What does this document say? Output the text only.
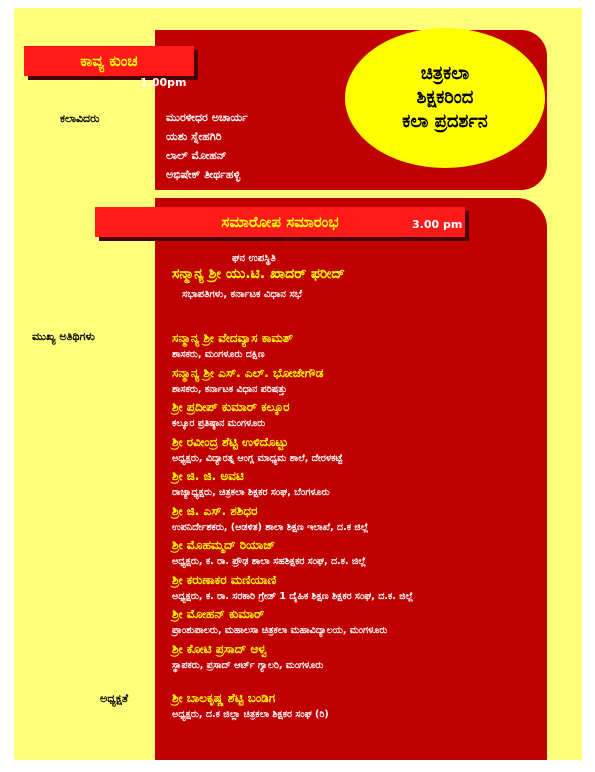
ಕಾವ್ಯ ಕುಂಚ
1.00pm	ಚಿತ್ರಕಲಾ
ಶಿಕ್ಷಕರಿಂದ
ಕಲಾ ಪ್ರದರ್ಶನ
ಕಲಾವಿದರು	ಮುರಳೀಧರ ಅಚಾರ್ಯ
ಯಶು ಸ್ನೇಹಗಿರಿ
ಲಾಲ್ ಮೋಹನ್
ಅಭಿಷೇಕ್ ತೀರ್ಥಹಳ್ಳಿ
ಸಮಾರೋಪ ಸಮಾರಂಭ	3.00 pm
ಘನ ಉಪಸ್ಥಿತಿ
ಸನ್ಮಾನ್ಯ ಶ್ರೀ ಯು.ಟಿ. ಖಾದರ್ ಫರೀದ್
ಸಭಾಪತಿಗಳು, ಕರ್ನಾಟಕ ವಿಧಾನ ಸಭೆ
ಮುಖ್ಯ ಅತಿಥಿಗಳು	ಸನ್ಮಾನ್ಯ ಶ್ರೀ ವೇದವ್ಯಾಸ ಕಾಮತ್
ಶಾಸಕರು, ಮಂಗಳೂರು ದಕ್ಷಿಣ
ಸನ್ಮಾನ್ಯ ಶ್ರೀ ಎಸ್. ಎಲ್. ಭೋಜೇಗೌಡ
ಶಾಸಕರು, ಕರ್ನಾಟಕ ವಿಧಾನ ಪರಿಷತ್ತು
ಶ್ರೀ ಪ್ರದೀಪ್ ಕುಮಾರ್ ಕಲ್ಕೂರ
ಕಲ್ಕೂರ ಪ್ರತಿಷ್ಠಾನ ಮಂಗಳೂರು
ಶ್ರೀ ರವೀಂದ್ರ ಶೆಟ್ಟಿ ಉಳಿದೊಟ್ಟು
ಅಧ್ಯಕ್ಷರು, ವಿದ್ಯಾರತ್ನ ಆಂಗ್ಲ ಮಾಧ್ಯಮ ಶಾಲೆ, ದೇರಳಕಟ್ಟೆ
ಶ್ರೀ ಜಿ. ಜಿ. ಅವಟಿ
ರಾಜ್ಯಾಧ್ಯಕ್ಷರು, ಚಿತ್ರಕಲಾ ಶಿಕ್ಷಕರ ಸಂಘ, ಬೆಂಗಳೂರು
ಶ್ರೀ ಜಿ. ಎಸ್. ಶಶಿಧರ
ಉಪನಿರ್ದೇಶಕರು, (ಆಡಳಿತ) ಶಾಲಾ ಶಿಕ್ಷಣ ಇಲಾಖೆ, ದ.ಕ ಜಿಲ್ಲೆ
ಶ್ರೀ ಮೊಹಮ್ಮದ್ ರಿಯಾಜ್
ಅಧ್ಯಕ್ಷರು, ಕ. ರಾ. ಪ್ರೌಢ ಶಾಲಾ ಸಹಶಿಕ್ಷಕರ ಸಂಘ, ದ.ಕ. ಜಿಲ್ಲೆ
ಶ್ರೀ ಕರುಣಾಕರ ಮಣಿಯಾಣಿ
ಅಧ್ಯಕ್ಷರು, ಕ. ರಾ. ಸರಕಾರಿ ಗ್ರೇಡ್ 1 ದೈಹಿಕ ಶಿಕ್ಷಣ ಶಿಕ್ಷಕರ ಸಂಘ, ದ.ಕ. ಜಿಲ್ಲೆ
ಶ್ರೀ ಮೋಹನ್ ಕುಮಾರ್
ಪ್ರಾಂಶುಪಾಲರು, ಮಹಾಲಸಾ ಚಿತ್ರಕಲಾ ಮಹಾವಿದ್ಯಾಲಯ, ಮಂಗಳೂರು
ಶ್ರೀ ಕೋಟಿ ಪ್ರಸಾದ್ ಆಳ್ವ
ಸ್ಥಾಪಕರು, ಪ್ರಸಾದ್ ಆರ್ಟ್ ಗ್ಯಾಲರಿ, ಮಂಗಳೂರು
ಅಧ್ಯಕ್ಷತೆ	ಶ್ರೀ ಬಾಲಕೃಷ್ಣ ಶೆಟ್ಟಿ ಬಂಡಿಗ
ಅಧ್ಯಕ್ಷರು, ದ.ಕ ಜಿಲ್ಲಾ ಚಿತ್ರಕಲಾ ಶಿಕ್ಷಕರ ಸಂಘ (ರಿ)
